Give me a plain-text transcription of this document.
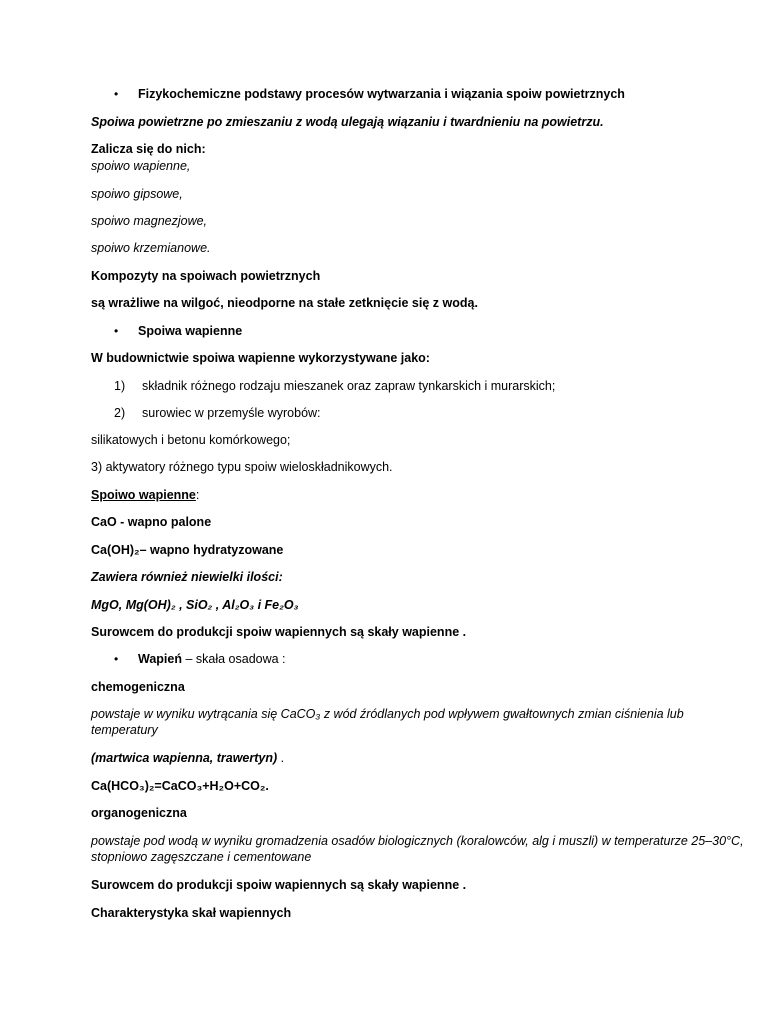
• Fizykochemiczne podstawy procesów wytwarzania i wiązania spoiw powietrznych
Spoiwa powietrzne po zmieszaniu z wodą ulegają wiązaniu i twardnieniu na powietrzu.
Zalicza się do nich:
spoiwo wapienne,
spoiwo gipsowe,
spoiwo magnezjowe,
spoiwo krzemianowe.
Kompozyty na spoiwach powietrznych
są wrażliwe na wilgoć, nieodporne na stałe zetknięcie się z wodą.
• Spoiwa wapienne
W budownictwie spoiwa wapienne wykorzystywane jako:
1) składnik różnego rodzaju mieszanek oraz zapraw tynkarskich i murarskich;
2) surowiec w przemyśle wyrobów:
silikatowych i betonu komórkowego;
3) aktywatory różnego typu spoiw wieloskładnikowych.
Spoiwo wapienne:
CaO - wapno palone
Ca(OH)₂– wapno hydratyzowane
Zawiera również niewielki ilości:
MgO, Mg(OH)₂ , SiO₂ , Al₂O₃ i Fe₂O₃
Surowcem do produkcji spoiw wapiennych są skały wapienne .
• Wapień – skała osadowa :
chemogeniczna
powstaje w wyniku wytrącania się CaCO₃ z wód źródlanych pod wpływem gwałtownych zmian ciśnienia lub temperatury
(martwica wapienna, trawertyn) .
Ca(HCO₃)₂=CaCO₃+H₂O+CO₂.
organogeniczna
powstaje pod wodą w wyniku gromadzenia osadów biologicznych (koralowców, alg i muszli) w temperaturze 25–30°C, stopniowo zagęszczane i cementowane
Surowcem do produkcji spoiw wapiennych są skały wapienne .
Charakterystyka skał wapiennych
